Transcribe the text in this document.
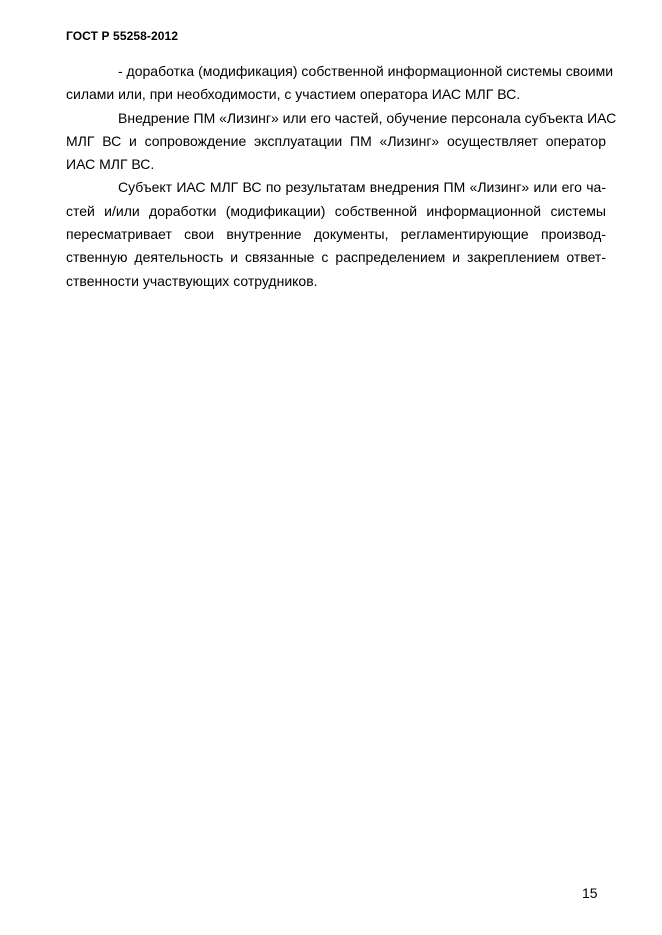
ГОСТ Р 55258-2012
- доработка (модификация) собственной информационной системы своими
силами или, при необходимости, с участием оператора ИАС МЛГ ВС.
Внедрение ПМ «Лизинг» или его частей, обучение персонала субъекта ИАС
МЛГ ВС и сопровождение эксплуатации ПМ «Лизинг» осуществляет оператор
ИАС МЛГ ВС.
Субъект ИАС МЛГ ВС по результатам внедрения ПМ «Лизинг» или его ча-
стей и/или доработки (модификации) собственной информационной системы
пересматривает свои внутренние документы, регламентирующие производ-
ственную деятельность и связанные с распределением и закреплением ответ-
ственности участвующих сотрудников.
15
